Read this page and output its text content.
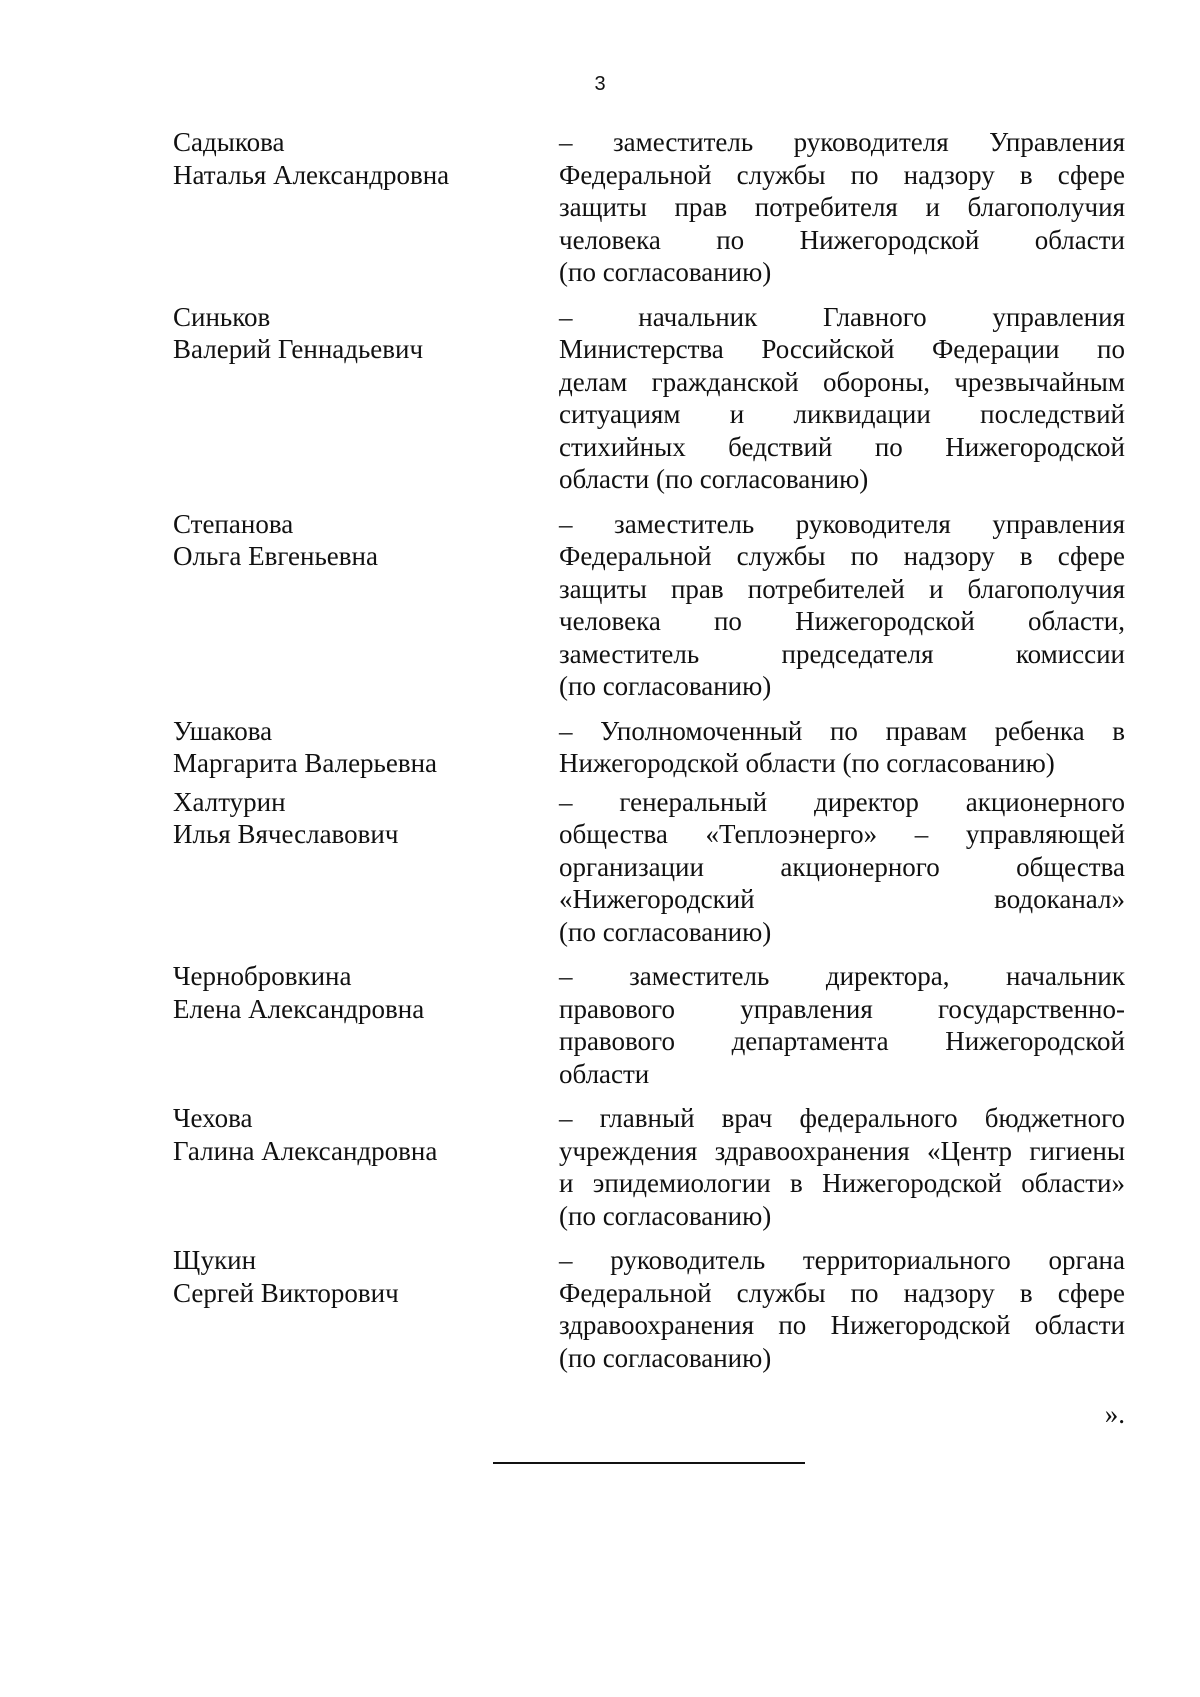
3
Садыкова
Наталья Александровна
– заместитель руководителя Управления
Федеральной службы по надзору в сфере
защиты прав потребителя и благополучия
человека по Нижегородской области
(по согласованию)
Синьков
Валерий Геннадьевич
– начальник Главного управления
Министерства Российской Федерации по
делам гражданской обороны, чрезвычайным
ситуациям и ликвидации последствий
стихийных бедствий по Нижегородской
области (по согласованию)
Степанова
Ольга Евгеньевна
– заместитель руководителя управления
Федеральной службы по надзору в сфере
защиты прав потребителей и благополучия
человека по Нижегородской области,
заместитель председателя комиссии
(по согласованию)
Ушакова
Маргарита Валерьевна
– Уполномоченный по правам ребенка в
Нижегородской области (по согласованию)
Халтурин
Илья Вячеславович
– генеральный директор акционерного
общества «Теплоэнерго» – управляющей
организации акционерного общества
«Нижегородский водоканал»
(по согласованию)
Чернобровкина
Елена Александровна
– заместитель директора, начальник
правового управления государственно-
правового департамента Нижегородской
области
Чехова
Галина Александровна
– главный врач федерального бюджетного
учреждения здравоохранения «Центр гигиены
и эпидемиологии в Нижегородской области»
(по согласованию)
Щукин
Сергей Викторович
– руководитель территориального органа
Федеральной службы по надзору в сфере
здравоохранения по Нижегородской области
(по согласованию)
».
